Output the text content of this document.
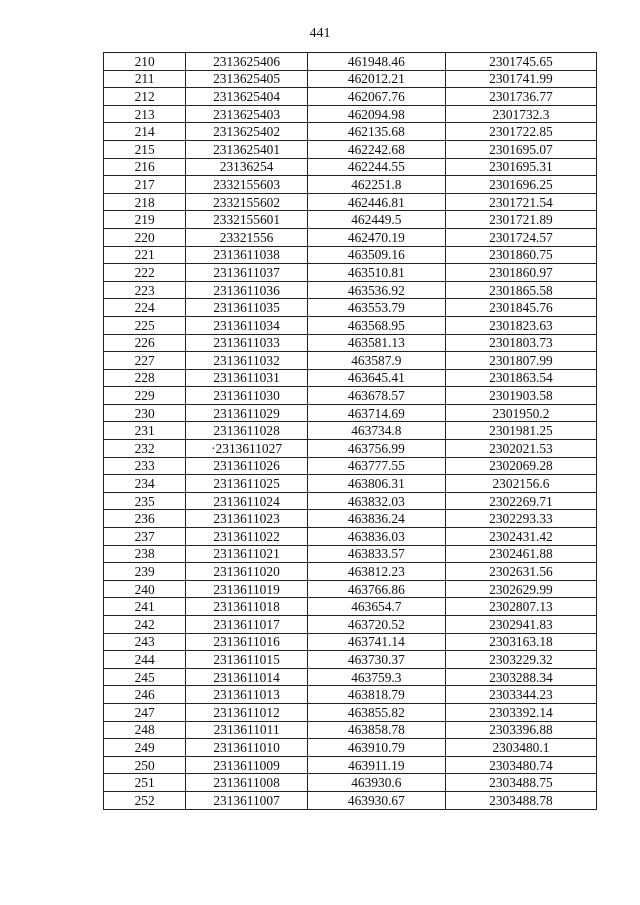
441
210	2313625406	461948.46	2301745.65
211	2313625405	462012.21	2301741.99
212	2313625404	462067.76	2301736.77
213	2313625403	462094.98	2301732.3
214	2313625402	462135.68	2301722.85
215	2313625401	462242.68	2301695.07
216	23136254	462244.55	2301695.31
217	2332155603	462251.8	2301696.25
218	2332155602	462446.81	2301721.54
219	2332155601	462449.5	2301721.89
220	23321556	462470.19	2301724.57
221	2313611038	463509.16	2301860.75
222	2313611037	463510.81	2301860.97
223	2313611036	463536.92	2301865.58
224	2313611035	463553.79	2301845.76
225	2313611034	463568.95	2301823.63
226	2313611033	463581.13	2301803.73
227	2313611032	463587.9	2301807.99
228	2313611031	463645.41	2301863.54
229	2313611030	463678.57	2301903.58
230	2313611029	463714.69	2301950.2
231	2313611028	463734.8	2301981.25
232	·2313611027	463756.99	2302021.53
233	2313611026	463777.55	2302069.28
234	2313611025	463806.31	2302156.6
235	2313611024	463832.03	2302269.71
236	2313611023	463836.24	2302293.33
237	2313611022	463836.03	2302431.42
238	2313611021	463833.57	2302461.88
239	2313611020	463812.23	2302631.56
240	2313611019	463766.86	2302629.99
241	2313611018	463654.7	2302807.13
242	2313611017	463720.52	2302941.83
243	2313611016	463741.14	2303163.18
244	2313611015	463730.37	2303229.32
245	2313611014	463759.3	2303288.34
246	2313611013	463818.79	2303344.23
247	2313611012	463855.82	2303392.14
248	2313611011	463858.78	2303396.88
249	2313611010	463910.79	2303480.1
250	2313611009	463911.19	2303480.74
251	2313611008	463930.6	2303488.75
252	2313611007	463930.67	2303488.78
